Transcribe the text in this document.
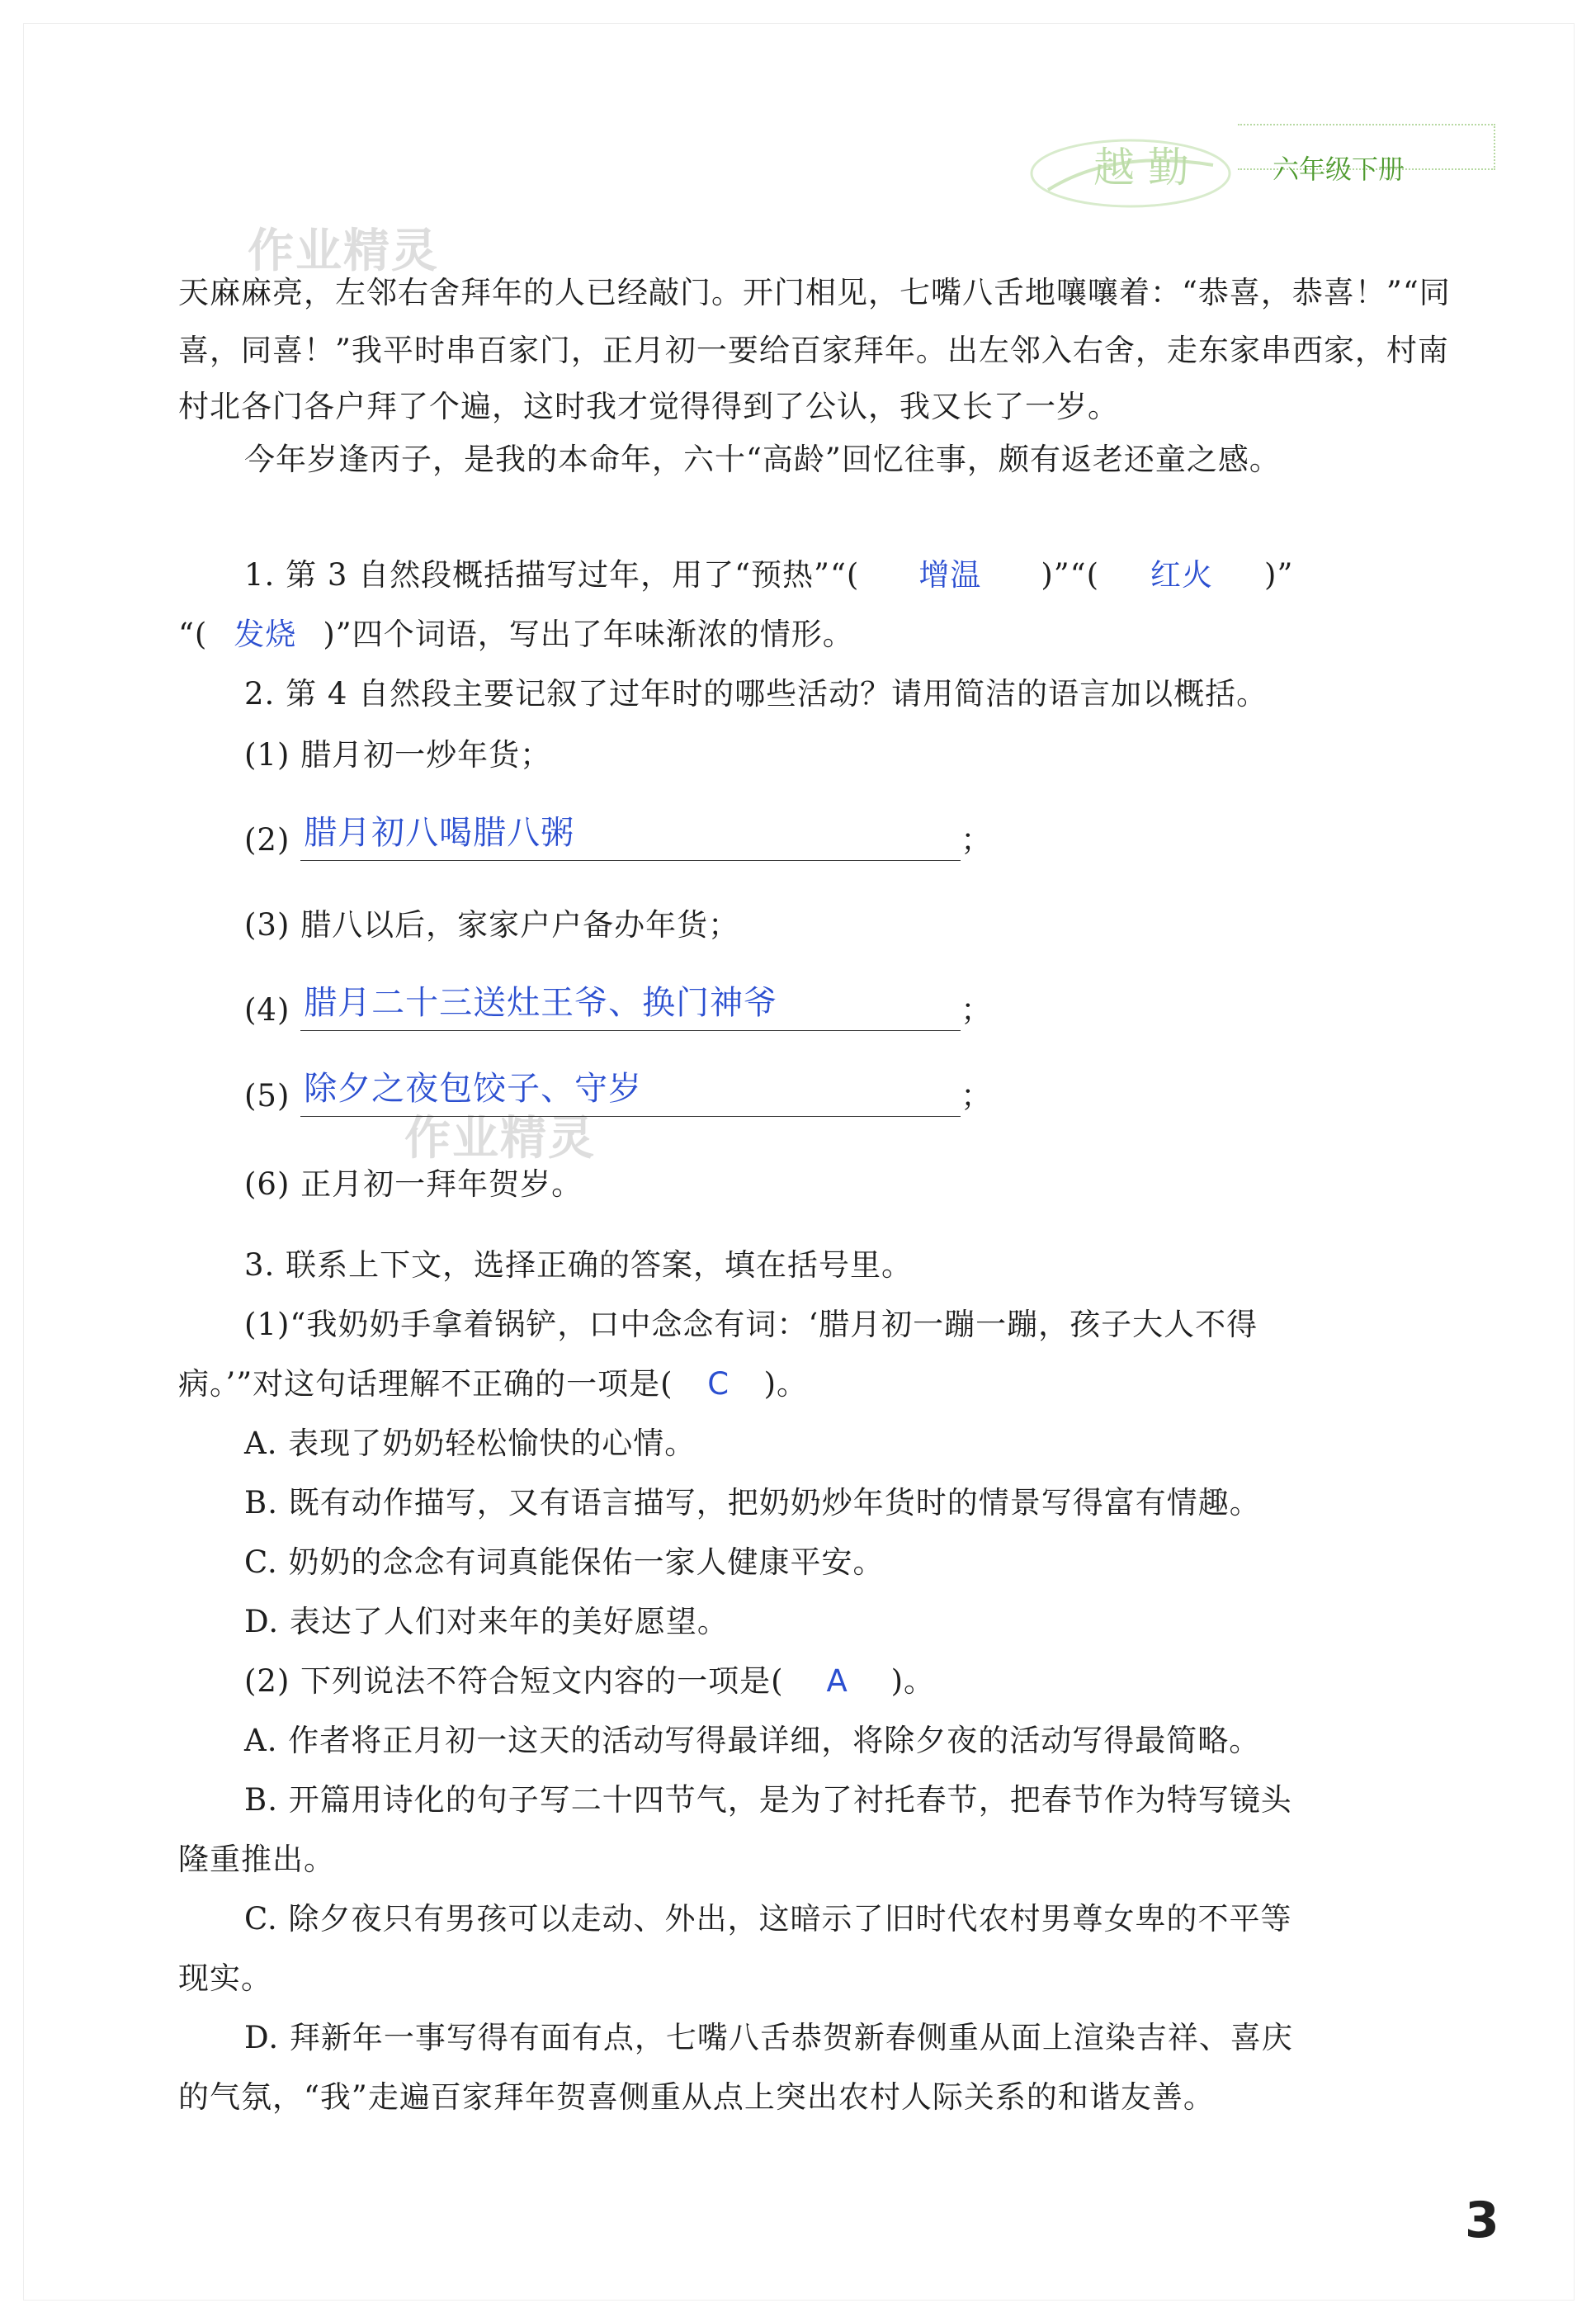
越 勤	六年级下册
作业精灵
作业精灵
天麻麻亮，左邻右舍拜年的人已经敲门。开门相见，七嘴八舌地嚷嚷着：“恭喜，恭喜！”“同
喜，同喜！”我平时串百家门，正月初一要给百家拜年。出左邻入右舍，走东家串西家，村南
村北各门各户拜了个遍，这时我才觉得得到了公认，我又长了一岁。
今年岁逢丙子，是我的本命年，六十“高龄”回忆往事，颇有返老还童之感。
1. 第 3 自然段概括描写过年，用了“预热”“( 增温 )”“( 红火 )”
“( 发烧 )”四个词语，写出了年味渐浓的情形。
2. 第 4 自然段主要记叙了过年时的哪些活动？请用简洁的语言加以概括。
(1) 腊月初一炒年货；
(2) 腊月初八喝腊八粥	；
(3) 腊八以后，家家户户备办年货；
(4) 腊月二十三送灶王爷、换门神爷	；
(5) 除夕之夜包饺子、守岁	；
(6) 正月初一拜年贺岁。
3. 联系上下文，选择正确的答案，填在括号里。
(1)“我奶奶手拿着锅铲，口中念念有词：‘腊月初一蹦一蹦，孩子大人不得
病。’”对这句话理解不正确的一项是( C )。
A. 表现了奶奶轻松愉快的心情。
B. 既有动作描写，又有语言描写，把奶奶炒年货时的情景写得富有情趣。
C. 奶奶的念念有词真能保佑一家人健康平安。
D. 表达了人们对来年的美好愿望。
(2) 下列说法不符合短文内容的一项是( A )。
A. 作者将正月初一这天的活动写得最详细，将除夕夜的活动写得最简略。
B. 开篇用诗化的句子写二十四节气，是为了衬托春节，把春节作为特写镜头
隆重推出。
C. 除夕夜只有男孩可以走动、外出，这暗示了旧时代农村男尊女卑的不平等
现实。
D. 拜新年一事写得有面有点，七嘴八舌恭贺新春侧重从面上渲染吉祥、喜庆
的气氛，“我”走遍百家拜年贺喜侧重从点上突出农村人际关系的和谐友善。
3
